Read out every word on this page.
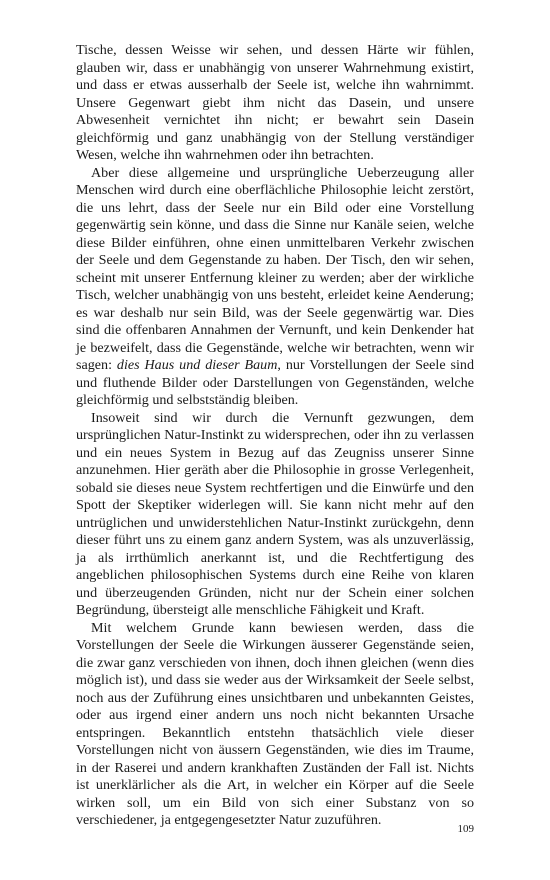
Tische, dessen Weisse wir sehen, und dessen Härte wir fühlen, glauben wir, dass er unabhängig von unserer Wahrnehmung existirt, und dass er etwas ausserhalb der Seele ist, welche ihn wahrnimmt. Unsere Gegenwart giebt ihm nicht das Dasein, und unsere Abwesenheit vernichtet ihn nicht; er bewahrt sein Dasein gleichförmig und ganz unabhängig von der Stellung verständiger Wesen, welche ihn wahrnehmen oder ihn betrachten.

Aber diese allgemeine und ursprüngliche Ueberzeugung aller Menschen wird durch eine oberflächliche Philosophie leicht zerstört, die uns lehrt, dass der Seele nur ein Bild oder eine Vorstellung gegenwärtig sein könne, und dass die Sinne nur Kanäle seien, welche diese Bilder einführen, ohne einen unmittelbaren Verkehr zwischen der Seele und dem Gegenstande zu haben. Der Tisch, den wir sehen, scheint mit unserer Entfernung kleiner zu werden; aber der wirkliche Tisch, welcher unabhängig von uns besteht, erleidet keine Aenderung; es war deshalb nur sein Bild, was der Seele gegenwärtig war. Dies sind die offenbaren Annahmen der Vernunft, und kein Denkender hat je bezweifelt, dass die Gegenstände, welche wir betrachten, wenn wir sagen: dies Haus und dieser Baum, nur Vorstellungen der Seele sind und fluthende Bilder oder Darstellungen von Gegenständen, welche gleichförmig und selbstständig bleiben.

Insoweit sind wir durch die Vernunft gezwungen, dem ursprünglichen Natur-Instinkt zu widersprechen, oder ihn zu verlassen und ein neues System in Bezug auf das Zeugniss unserer Sinne anzunehmen. Hier geräth aber die Philosophie in grosse Verlegenheit, sobald sie dieses neue System rechtfertigen und die Einwürfe und den Spott der Skeptiker widerlegen will. Sie kann nicht mehr auf den untrüglichen und unwiderstehlichen Natur-Instinkt zurückgehn, denn dieser führt uns zu einem ganz andern System, was als unzuverlässig, ja als irrthümlich anerkannt ist, und die Rechtfertigung des angeblichen philosophischen Systems durch eine Reihe von klaren und überzeugenden Gründen, nicht nur der Schein einer solchen Begründung, übersteigt alle menschliche Fähigkeit und Kraft.

Mit welchem Grunde kann bewiesen werden, dass die Vorstellungen der Seele die Wirkungen äusserer Gegenstände seien, die zwar ganz verschieden von ihnen, doch ihnen gleichen (wenn dies möglich ist), und dass sie weder aus der Wirksamkeit der Seele selbst, noch aus der Zuführung eines unsichtbaren und unbekannten Geistes, oder aus irgend einer andern uns noch nicht bekannten Ursache entspringen. Bekanntlich entstehn thatsächlich viele dieser Vorstellungen nicht von äussern Gegenständen, wie dies im Traume, in der Raserei und andern krankhaften Zuständen der Fall ist. Nichts ist unerklärlicher als die Art, in welcher ein Körper auf die Seele wirken soll, um ein Bild von sich einer Substanz von so verschiedener, ja entgegengesetzter Natur zuzuführen.

109
